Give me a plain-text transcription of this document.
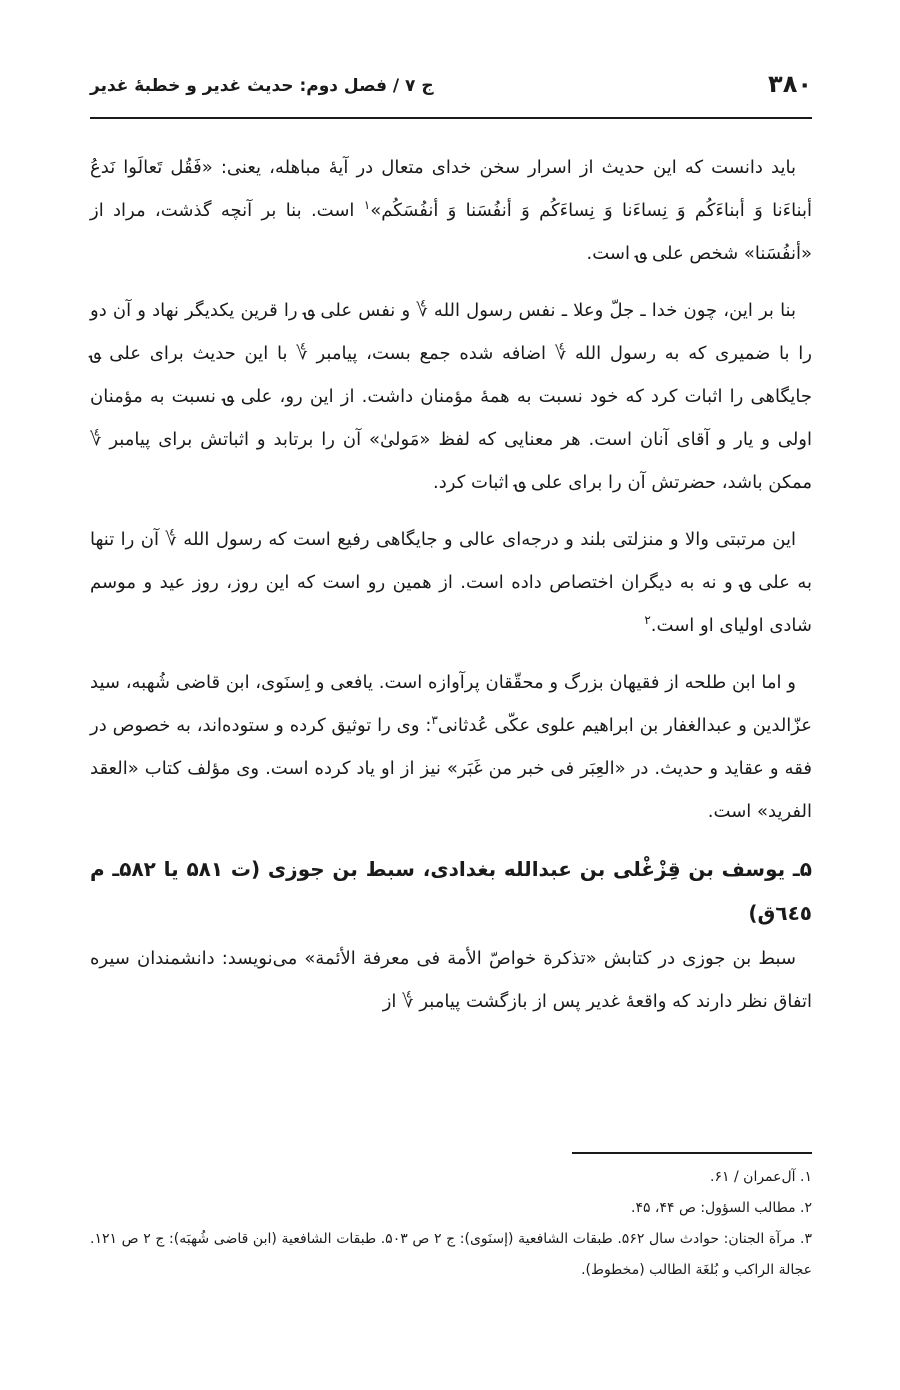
۳۸۰
ج ۷ / فصل دوم: حدیث غدیر و خطبهٔ غدیر

باید دانست که این حدیث از اسرار سخن خدای متعال در آیهٔ مباهله، یعنی: «فَقُل تَعالَوا نَدعُ أبناءَنا وَ أبناءَكُم وَ نِساءَنا وَ نِساءَكُم وَ أنفُسَنا وَ أنفُسَكُم»$^۱$ است. بنا بر آنچه گذشت، مراد از «أنفُسَنا» شخص علی ؈ است.

بنا بر این، چون خدا ـ جلّ وعلا ـ نفس رسول الله ؇ و نفس علی ؈ را قرین یکدیگر نهاد و آن دو را با ضمیری که به رسول الله ؇ اضافه شده جمع بست، پیامبر ؇ با این حدیث برای علی ؈ جایگاهی را اثبات کرد که خود نسبت به همهٔ مؤمنان داشت. از این رو، علی ؈ نسبت به مؤمنان اولی و یار و آقای آنان است. هر معنایی که لفظ «مَولیٰ» آن را برتابد و اثباتش برای پیامبر ؇ ممکن باشد، حضرتش آن را برای علی ؈ اثبات کرد.

این مرتبتی والا و منزلتی بلند و درجه‌ای عالی و جایگاهی رفیع است که رسول الله ؇ آن را تنها به علی ؈ و نه به دیگران اختصاص داده است. از همین رو است که این روز، روز عید و موسم شادی اولیای او است.$^۲$

و اما ابن طلحه از فقیهان بزرگ و محقّقان پرآوازه است. یافعی و اِسنَوی، ابن قاضی شُهبه، سید عزّالدین و عبدالغفار بن ابراهیم علوی عکّی عُدثانی$^۳$: وی را توثیق کرده و ستوده‌اند، به خصوص در فقه و عقاید و حدیث. در «العِبَر فی خبر من غَبَر» نیز از او یاد کرده است. وی مؤلف کتاب «العقد الفرید» است.

۵ـ یوسف بن قِزْغْلی بن عبدالله بغدادی، سبط بن جوزی (ت ۵۸۱ یا ۵۸۲ـ م ٦٤٥ق)

سبط بن جوزی در کتابش «تذکرة خواصّ الأمة فی معرفة الأئمة» می‌نویسد: دانشمندان سیره اتفاق نظر دارند که واقعهٔ غدیر پس از بازگشت پیامبر ؇ از

۱. آل‌عمران / ۶۱.

۲. مطالب السؤول: ص ۴۴، ۴۵.

۳. مرآة الجنان: حوادث سال ۵۶۲. طبقات الشافعیة (إسنَوی): ج ۲ ص ۵۰۳. طبقات الشافعیة (ابن قاضی شُهبَه): ج ۲ ص ۱۲۱. عجالة الراکب و بُلغَة الطالب (مخطوط).
